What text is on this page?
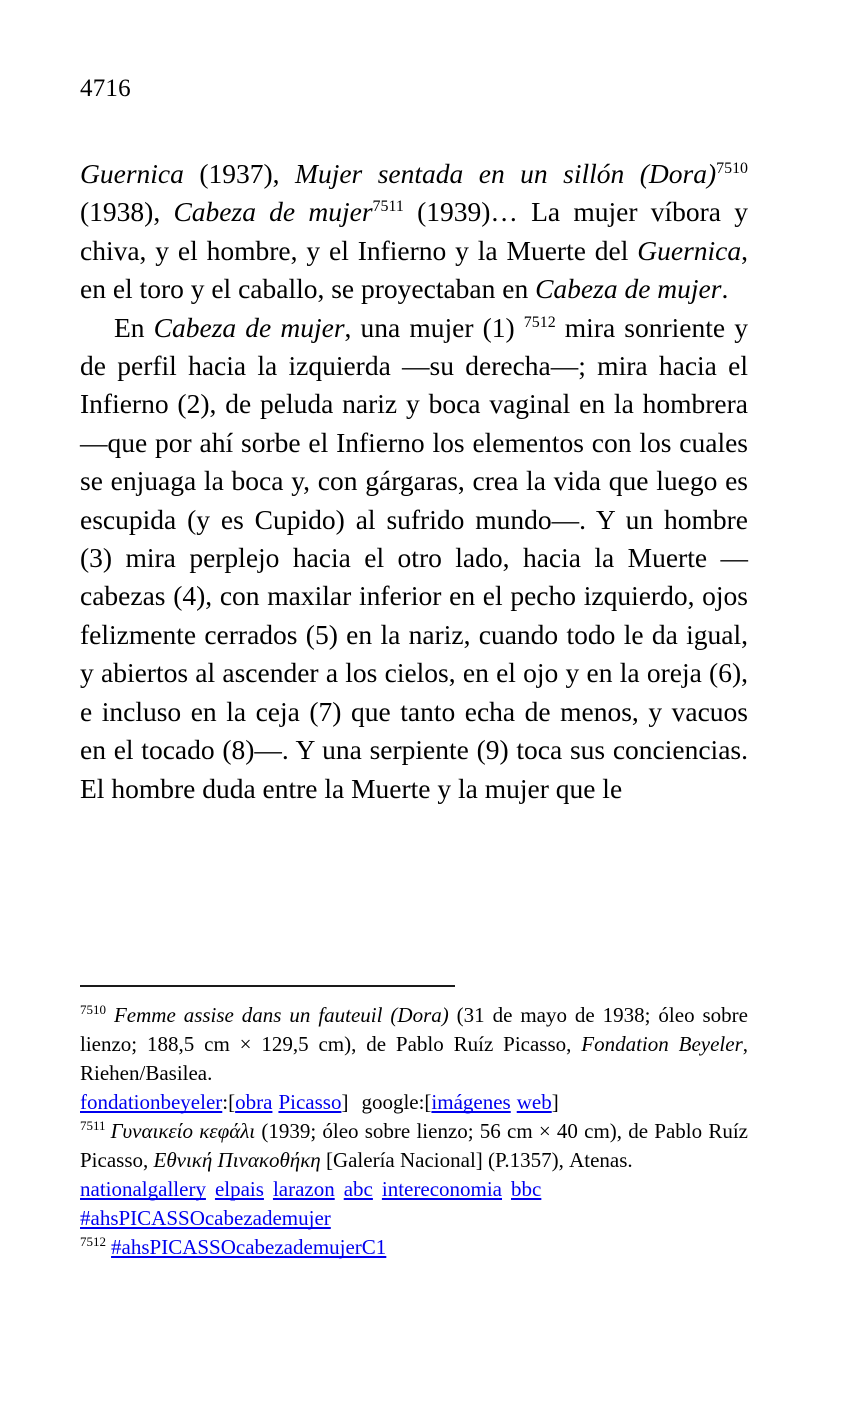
4716

Guernica (1937), Mujer sentada en un sillón (Dora)$^{7510}$ (1938), Cabeza de mujer$^{7511}$ (1939)… La mujer víbora y chiva, y el hombre, y el Infierno y la Muerte del Guernica, en el toro y el caballo, se proyectaban en Cabeza de mujer.

En Cabeza de mujer, una mujer (1) $^{7512}$ mira sonriente y de perfil hacia la izquierda —su derecha—; mira hacia el Infierno (2), de peluda nariz y boca vaginal en la hombrera —que por ahí sorbe el Infierno los elementos con los cuales se enjuaga la boca y, con gárgaras, crea la vida que luego es escupida (y es Cupido) al sufrido mundo—. Y un hombre (3) mira perplejo hacia el otro lado, hacia la Muerte —cabezas (4), con maxilar inferior en el pecho izquierdo, ojos felizmente cerrados (5) en la nariz, cuando todo le da igual, y abiertos al ascender a los cielos, en el ojo y en la oreja (6), e incluso en la ceja (7) que tanto echa de menos, y vacuos en el tocado (8)—. Y una serpiente (9) toca sus conciencias. El hombre duda entre la Muerte y la mujer que le

$^{7510}$ Femme assise dans un fauteuil (Dora) (31 de mayo de 1938; óleo sobre lienzo; 188,5 cm × 129,5 cm), de Pablo Ruíz Picasso, Fondation Beyeler, Riehen/Basilea.

fondationbeyeler:[obra Picasso] google:[imágenes web]

$^{7511}$ Γυναικείο κεφάλι (1939; óleo sobre lienzo; 56 cm × 40 cm), de Pablo Ruíz Picasso, Εθνική Πινακοθήκη [Galería Nacional] (P.1357), Atenas.

nationalgallery elpais larazon abc intereconomia bbc

#ahsPICASSOcabezademujer

$^{7512}$ #ahsPICASSOcabezademujerC1
